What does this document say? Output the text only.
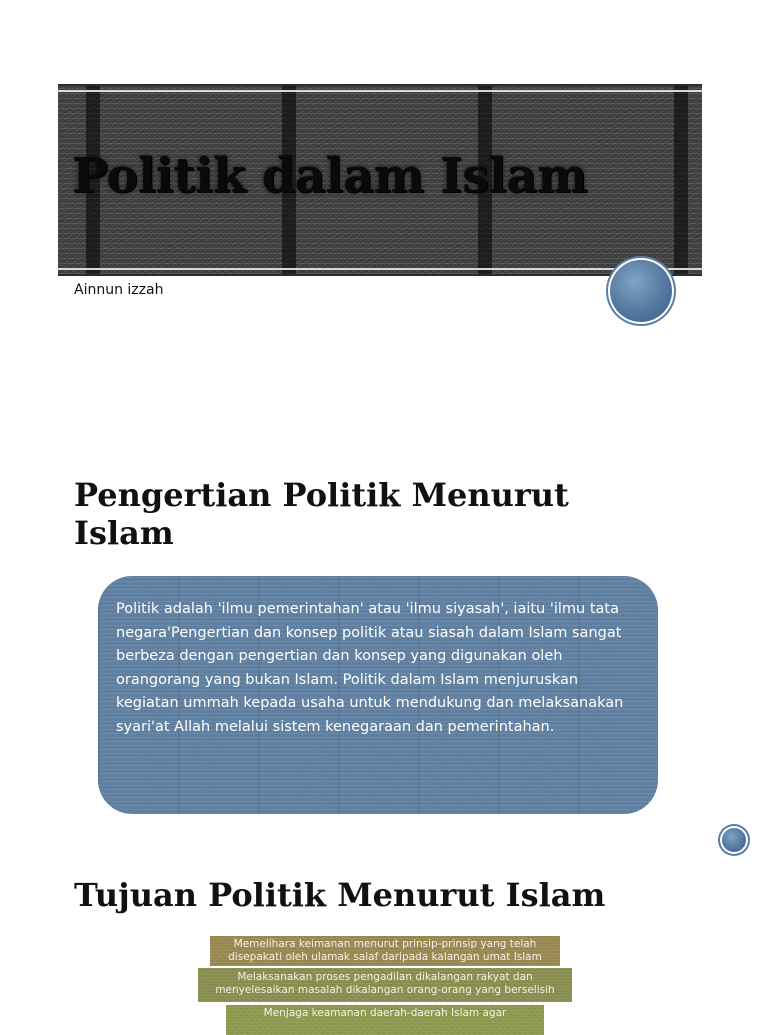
Politik dalam Islam
Ainnun izzah
Pengertian Politik Menurut Islam

Politik adalah 'ilmu pemerintahan' atau 'ilmu siyasah', iaitu 'ilmu tata negara'Pengertian dan konsep politik atau siasah dalam Islam sangat berbeza dengan pengertian dan konsep yang digunakan oleh orangorang yang bukan Islam. Politik dalam Islam menjuruskan kegiatan ummah kepada usaha untuk mendukung dan melaksanakan syari'at Allah melalui sistem kenegaraan dan pemerintahan.

Tujuan Politik Menurut Islam
Memelihara keimanan menurut prinsip-prinsip yang telah disepakati oleh ulamak salaf daripada kalangan umat Islam
Melaksanakan proses pengadilan dikalangan rakyat dan menyelesaikan masalah dikalangan orang-orang yang berselisih
Menjaga keamanan daerah-daerah Islam agar
